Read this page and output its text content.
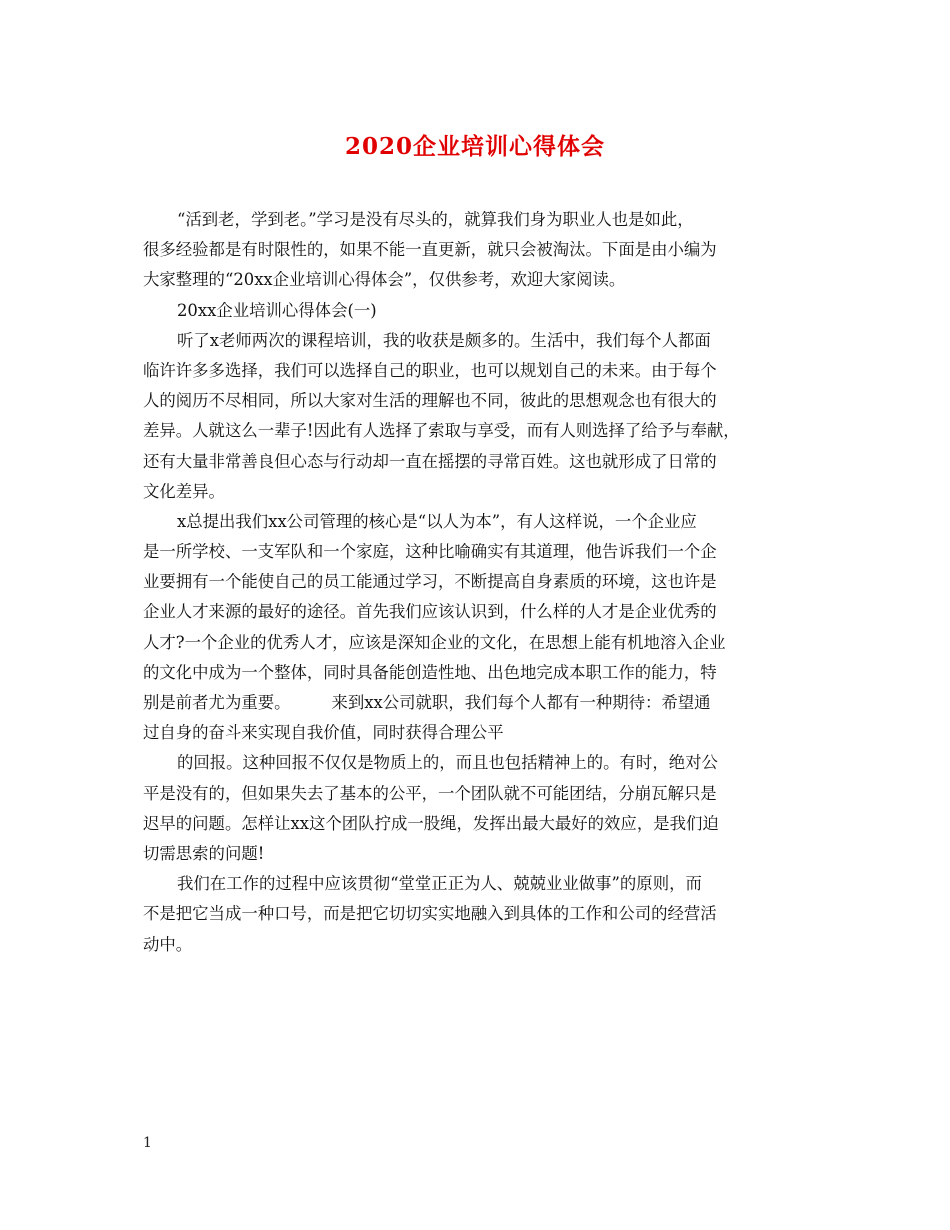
2020企业培训心得体会
“活到老，学到老。”学习是没有尽头的，就算我们身为职业人也是如此，
很多经验都是有时限性的，如果不能一直更新，就只会被淘汰。下面是由小编为
大家整理的“20xx企业培训心得体会”，仅供参考，欢迎大家阅读。
20xx企业培训心得体会(一)
听了x老师两次的课程培训，我的收获是颇多的。生活中，我们每个人都面
临许许多多选择，我们可以选择自己的职业，也可以规划自己的未来。由于每个
人的阅历不尽相同，所以大家对生活的理解也不同，彼此的思想观念也有很大的
差异。人就这么一辈子!因此有人选择了索取与享受，而有人则选择了给予与奉献，
还有大量非常善良但心态与行动却一直在摇摆的寻常百姓。这也就形成了日常的
文化差异。
x总提出我们xx公司管理的核心是“以人为本”，有人这样说，一个企业应
是一所学校、一支军队和一个家庭，这种比喻确实有其道理，他告诉我们一个企
业要拥有一个能使自己的员工能通过学习，不断提高自身素质的环境，这也许是
企业人才来源的最好的途径。首先我们应该认识到，什么样的人才是企业优秀的
人才?一个企业的优秀人才，应该是深知企业的文化，在思想上能有机地溶入企业
的文化中成为一个整体，同时具备能创造性地、出色地完成本职工作的能力，特
别是前者尤为重要。　　　来到xx公司就职，我们每个人都有一种期待：希望通
过自身的奋斗来实现自我价值，同时获得合理公平
的回报。这种回报不仅仅是物质上的，而且也包括精神上的。有时，绝对公
平是没有的，但如果失去了基本的公平，一个团队就不可能团结，分崩瓦解只是
迟早的问题。怎样让xx这个团队拧成一股绳，发挥出最大最好的效应，是我们迫
切需思索的问题!
我们在工作的过程中应该贯彻“堂堂正正为人、兢兢业业做事”的原则，而
不是把它当成一种口号，而是把它切切实实地融入到具体的工作和公司的经营活
动中。
1
